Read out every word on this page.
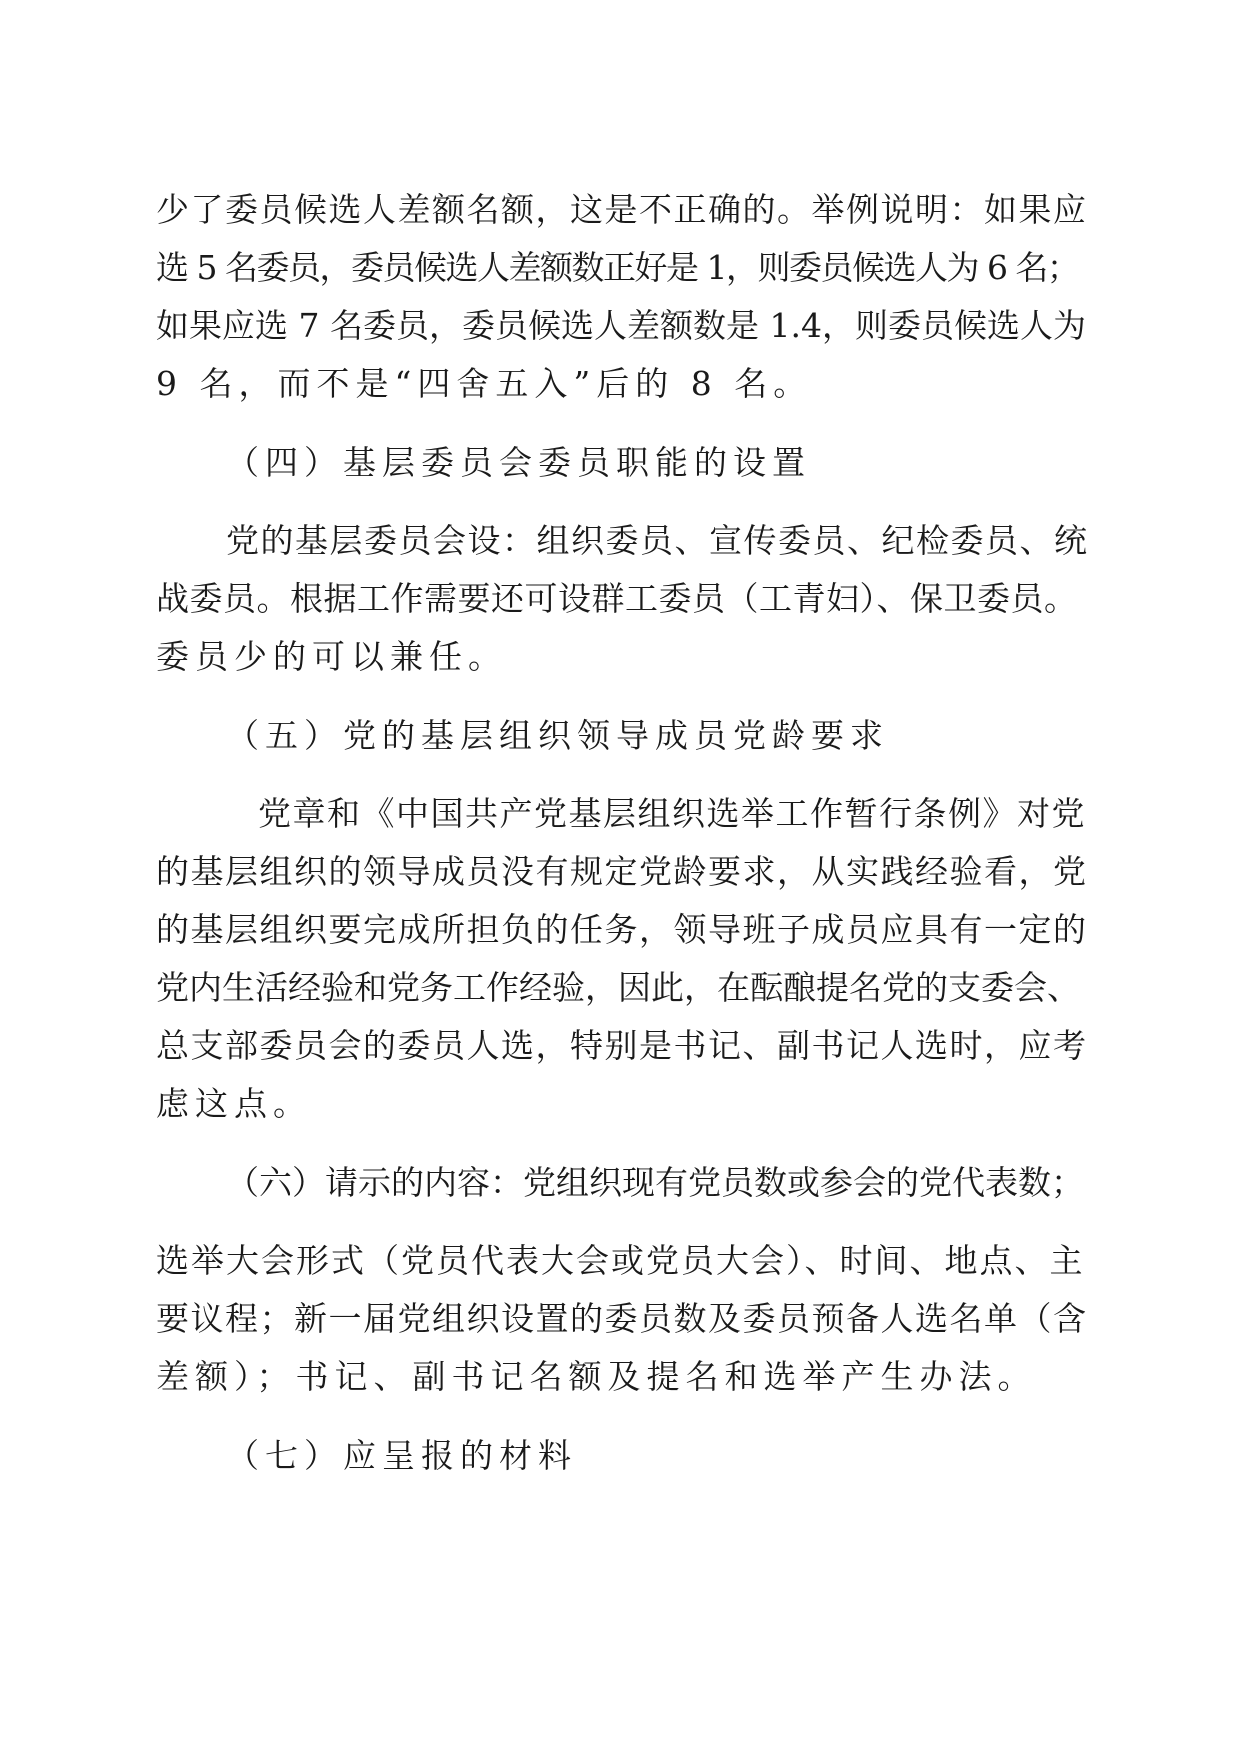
少了委员候选人差额名额，这是不正确的。举例说明：如果应
选 5 名委员，委员候选人差额数正好是 1，则委员候选人为 6 名；
如果应选 7 名委员，委员候选人差额数是 1.4，则委员候选人为
9 名，而不是“四舍五入”后的 8 名。
（四）基层委员会委员职能的设置
党的基层委员会设：组织委员、宣传委员、纪检委员、统
战委员。根据工作需要还可设群工委员（工青妇）、保卫委员。
委员少的可以兼任。
（五）党的基层组织领导成员党龄要求
党章和《中国共产党基层组织选举工作暂行条例》对党
的基层组织的领导成员没有规定党龄要求，从实践经验看，党
的基层组织要完成所担负的任务，领导班子成员应具有一定的
党内生活经验和党务工作经验，因此，在酝酿提名党的支委会、
总支部委员会的委员人选，特别是书记、副书记人选时，应考
虑这点。
（六）请示的内容：党组织现有党员数或参会的党代表数；
选举大会形式（党员代表大会或党员大会）、时间、地点、主
要议程；新一届党组织设置的委员数及委员预备人选名单（含
差额）；书记、副书记名额及提名和选举产生办法。
（七）应呈报的材料
